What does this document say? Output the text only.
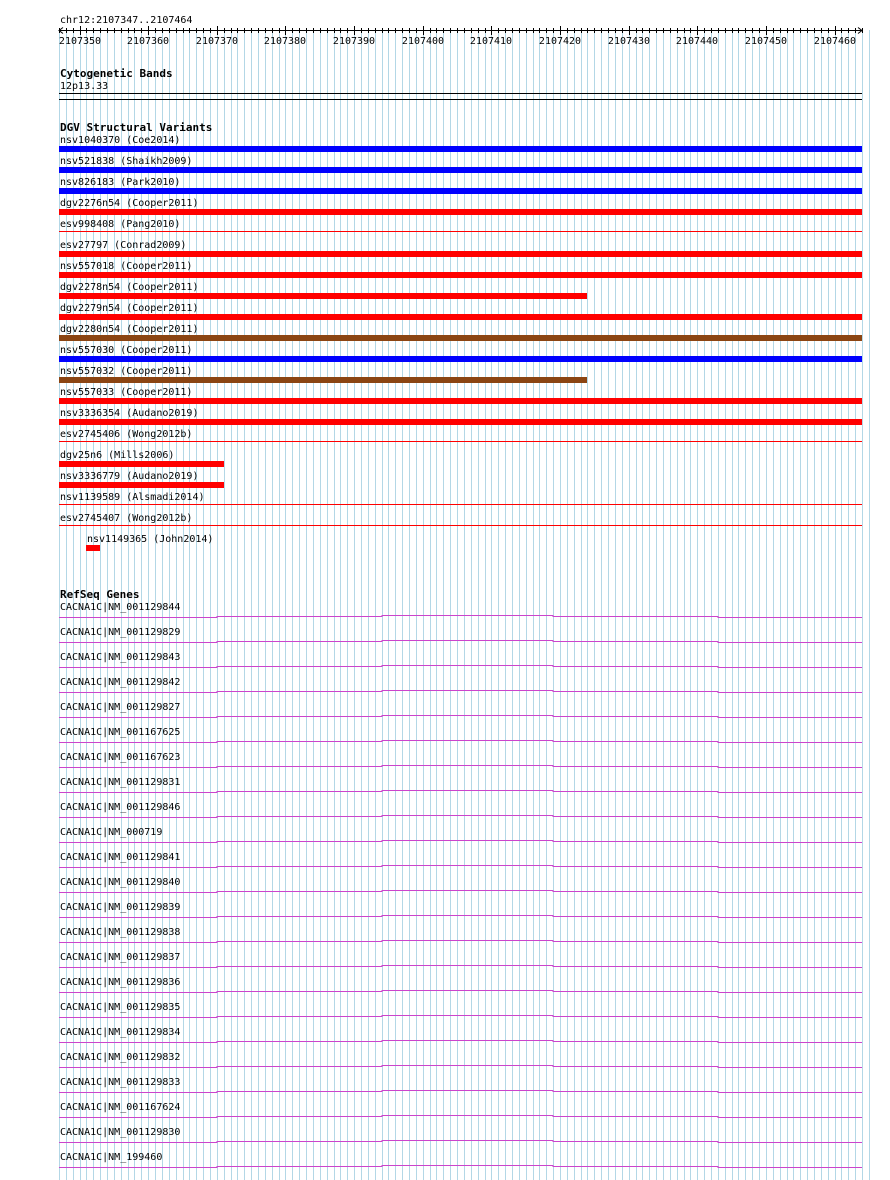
chr12:2107347..2107464
2107350	2107360	2107370	2107380	2107390	2107400	2107410	2107420	2107430	2107440	2107450	2107460
Cytogenetic Bands
12p13.33
DGV Structural Variants
nsv1040370 (Coe2014)
nsv521838 (Shaikh2009)
nsv826183 (Park2010)
dgv2276n54 (Cooper2011)
esv998408 (Pang2010)
esv27797 (Conrad2009)
nsv557018 (Cooper2011)
dgv2278n54 (Cooper2011)
dgv2279n54 (Cooper2011)
dgv2280n54 (Cooper2011)
nsv557030 (Cooper2011)
nsv557032 (Cooper2011)
nsv557033 (Cooper2011)
nsv3336354 (Audano2019)
esv2745406 (Wong2012b)
dgv25n6 (Mills2006)
nsv3336779 (Audano2019)
nsv1139589 (Alsmadi2014)
esv2745407 (Wong2012b)
nsv1149365 (John2014)
RefSeq Genes
CACNA1C|NM_001129844
CACNA1C|NM_001129829
CACNA1C|NM_001129843
CACNA1C|NM_001129842
CACNA1C|NM_001129827
CACNA1C|NM_001167625
CACNA1C|NM_001167623
CACNA1C|NM_001129831
CACNA1C|NM_001129846
CACNA1C|NM_000719
CACNA1C|NM_001129841
CACNA1C|NM_001129840
CACNA1C|NM_001129839
CACNA1C|NM_001129838
CACNA1C|NM_001129837
CACNA1C|NM_001129836
CACNA1C|NM_001129835
CACNA1C|NM_001129834
CACNA1C|NM_001129832
CACNA1C|NM_001129833
CACNA1C|NM_001167624
CACNA1C|NM_001129830
CACNA1C|NM_199460
